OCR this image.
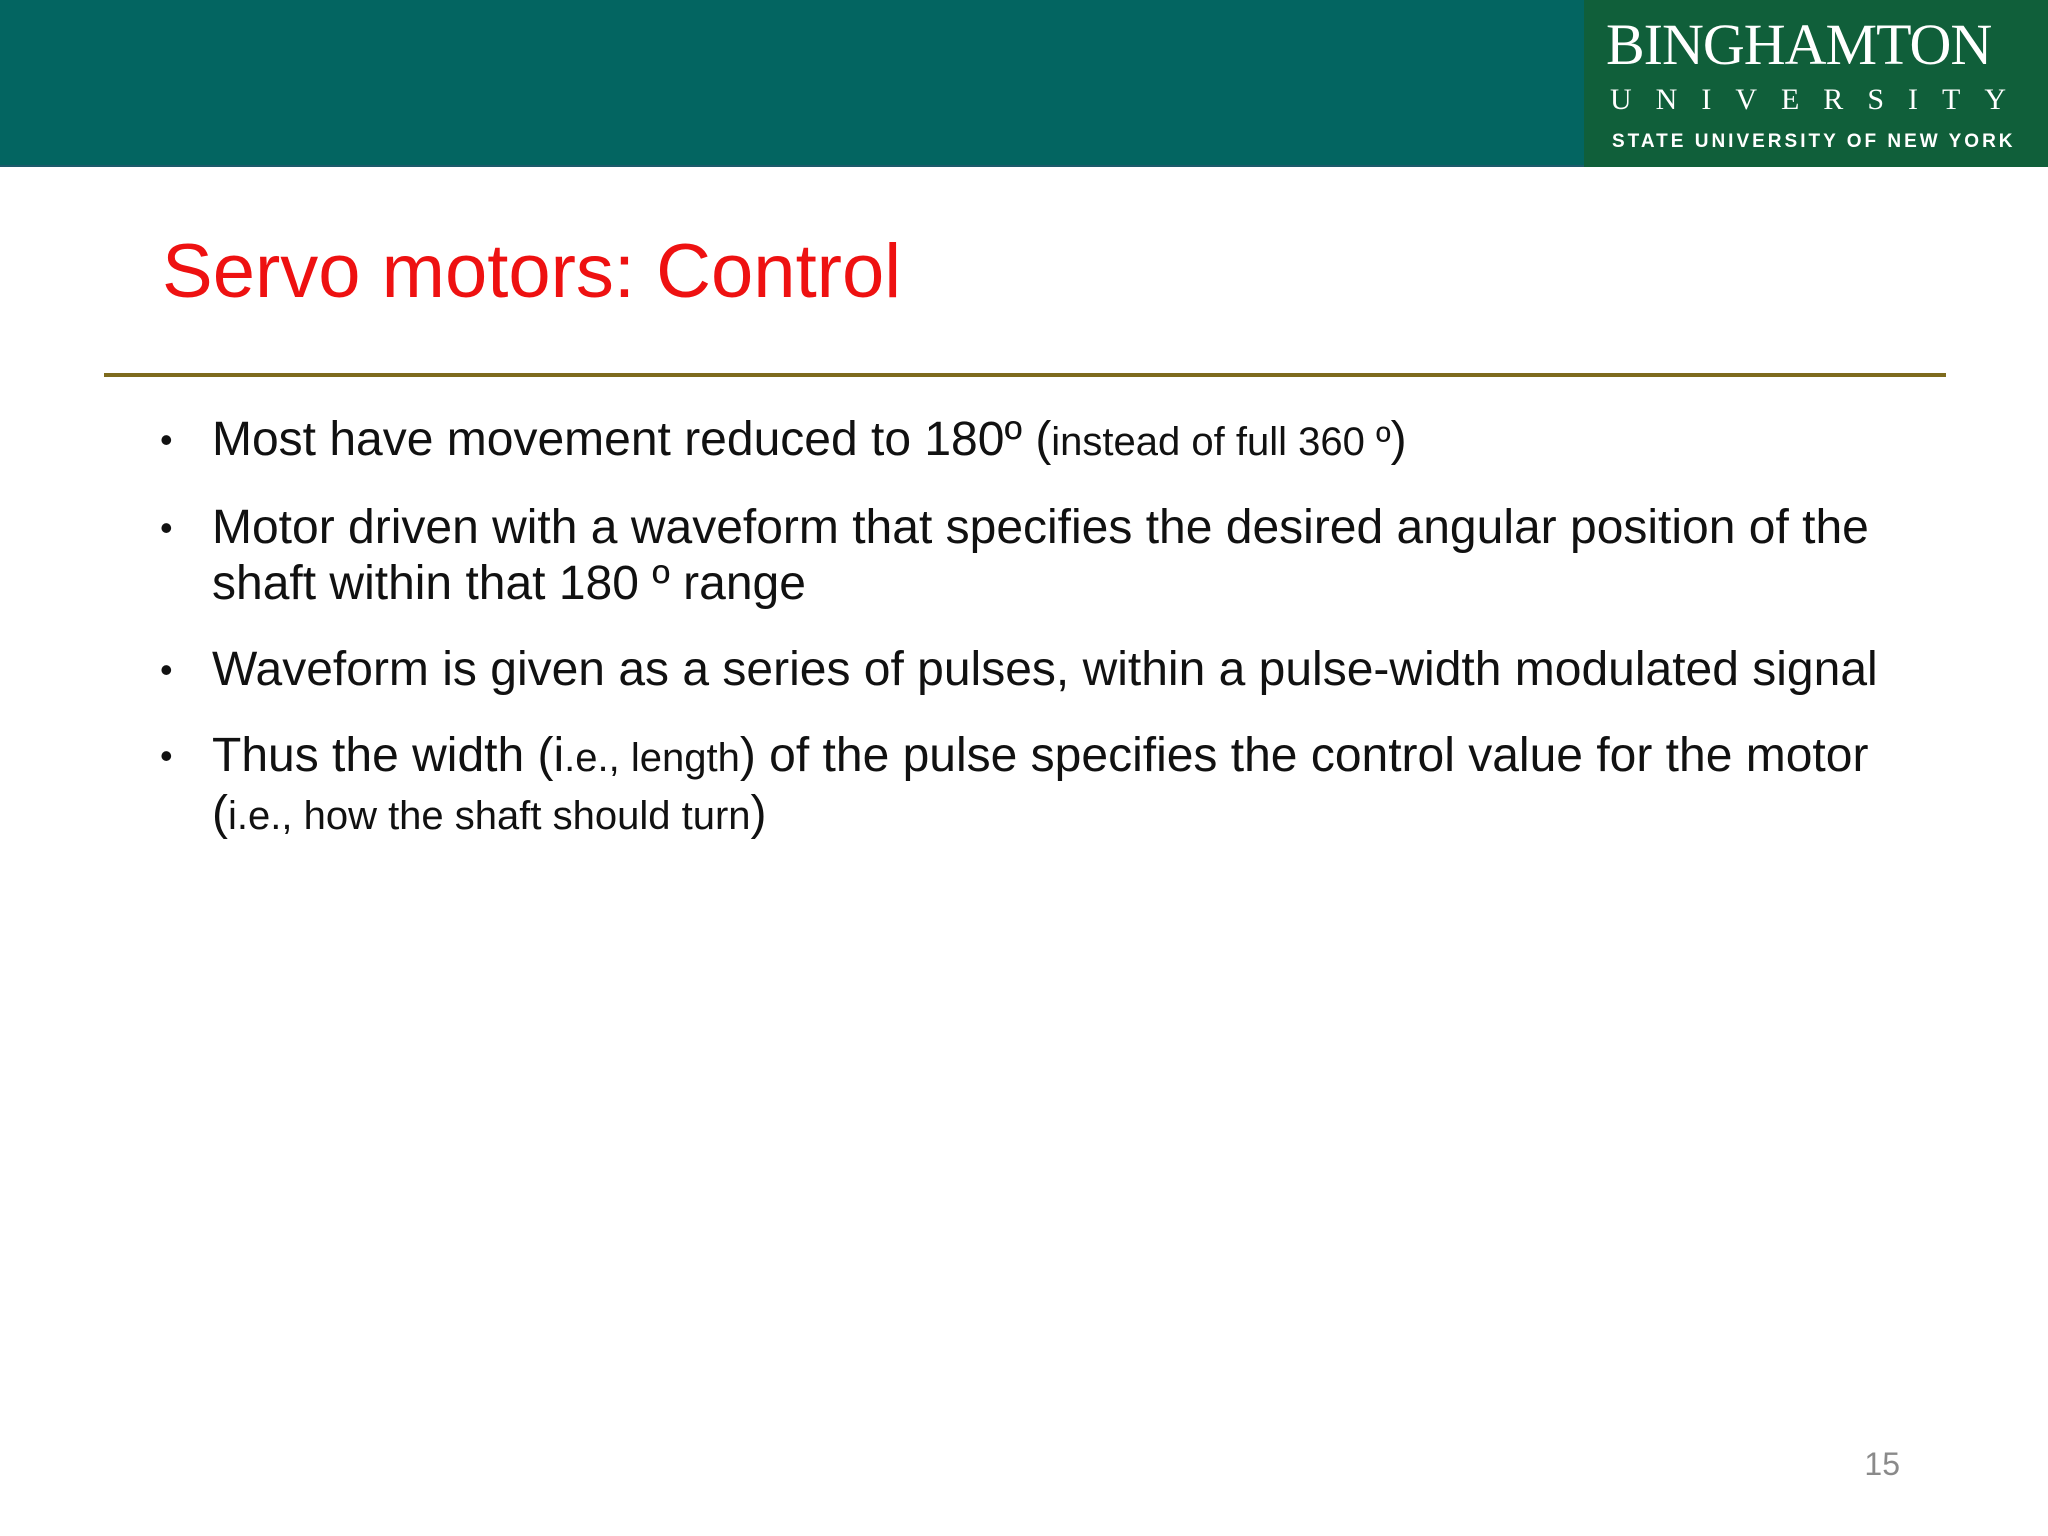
BINGHAMTON
UNIVERSITY
STATE UNIVERSITY OF NEW YORK
Servo motors: Control
• Most have movement reduced to 180º (instead of full 360 º)
• Motor driven with a waveform that specifies the desired angular position of the shaft within that 180 º range
• Waveform is given as a series of pulses, within a pulse-width modulated signal
• Thus the width (i.e., length) of the pulse specifies the control value for the motor (i.e., how the shaft should turn)
15
